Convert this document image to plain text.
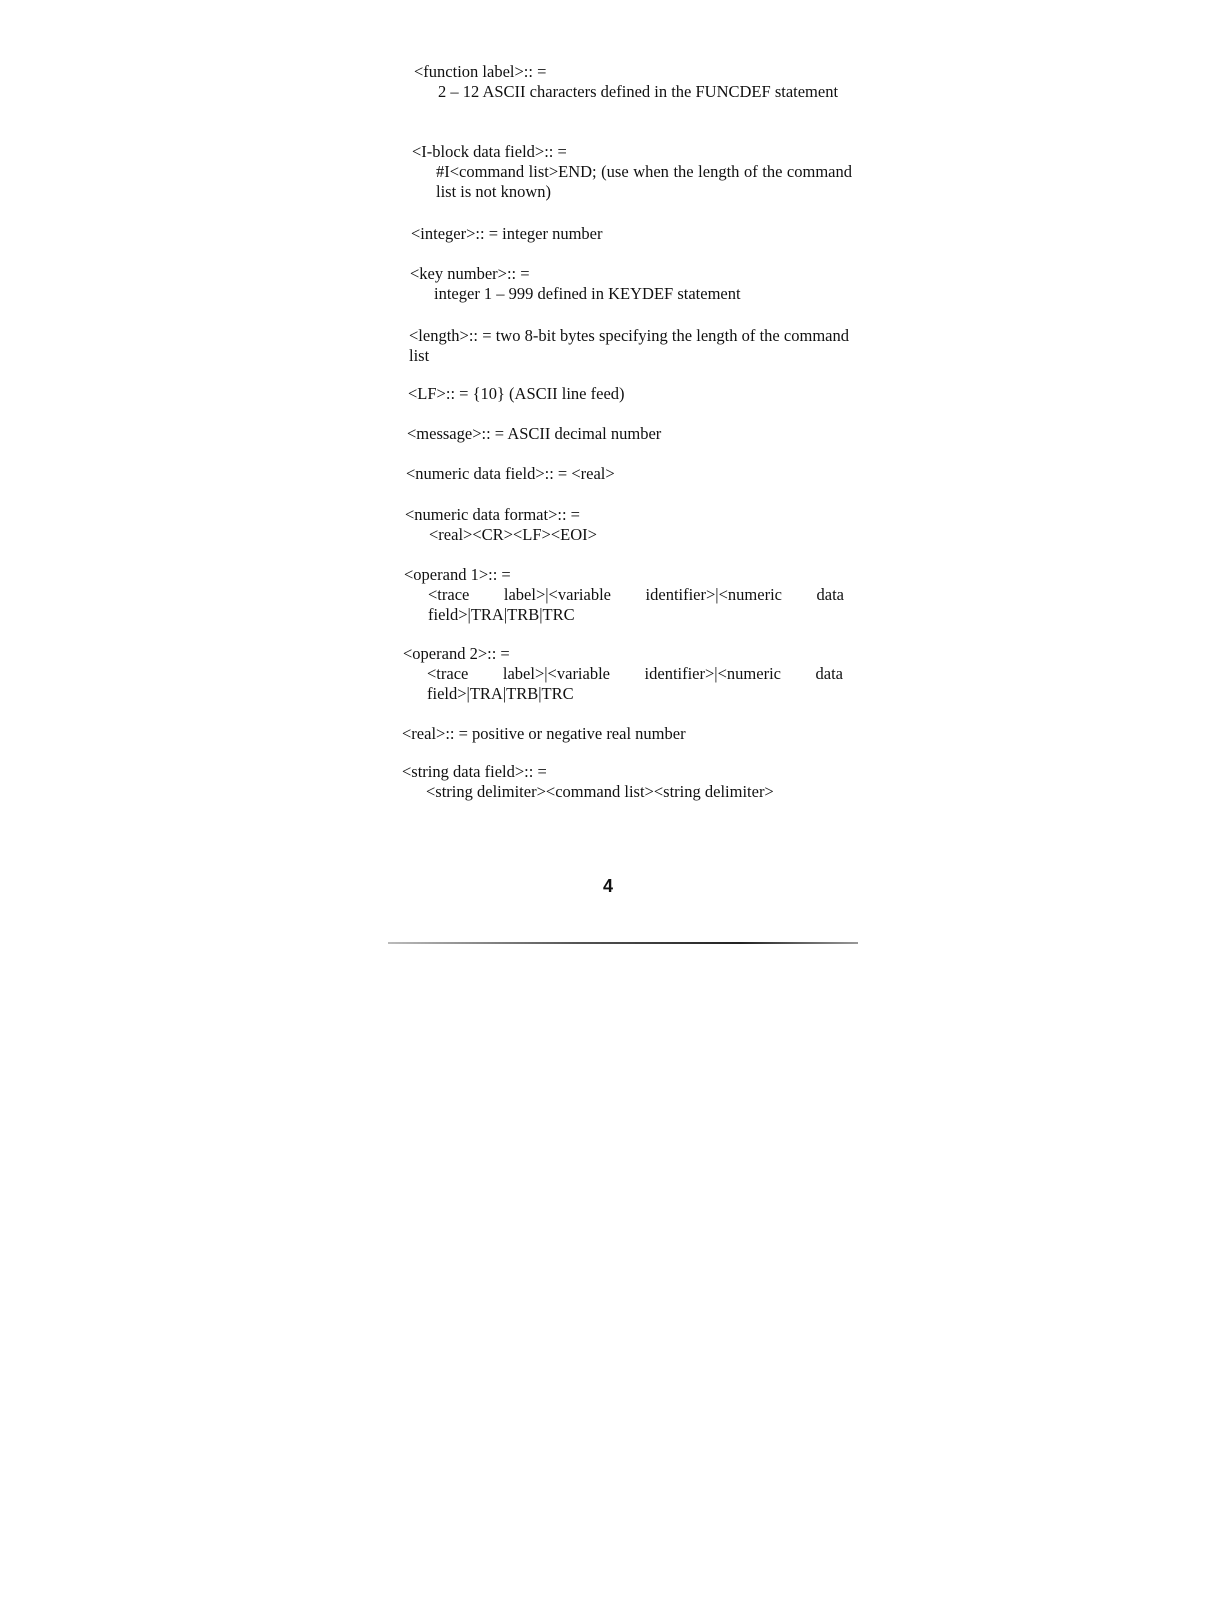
<function label>:: =
2 – 12 ASCII characters defined in the FUNCDEF statement
<I-block data field>:: =
#I<command list>END; (use when the length of the command list is not known)
<integer>:: = integer number
<key number>:: =
integer 1 – 999 defined in KEYDEF statement
<length>:: = two 8-bit bytes specifying the length of the command list
<LF>:: = {10} (ASCII line feed)
<message>:: = ASCII decimal number
<numeric data field>:: = <real>
<numeric data format>:: =
<real><CR><LF><EOI>
<operand 1>:: =
<trace label>|<variable identifier>|<numeric data field>|TRA|TRB|TRC
<operand 2>:: =
<trace label>|<variable identifier>|<numeric data field>|TRA|TRB|TRC
<real>:: = positive or negative real number
<string data field>:: =
<string delimiter><command list><string delimiter>
4
